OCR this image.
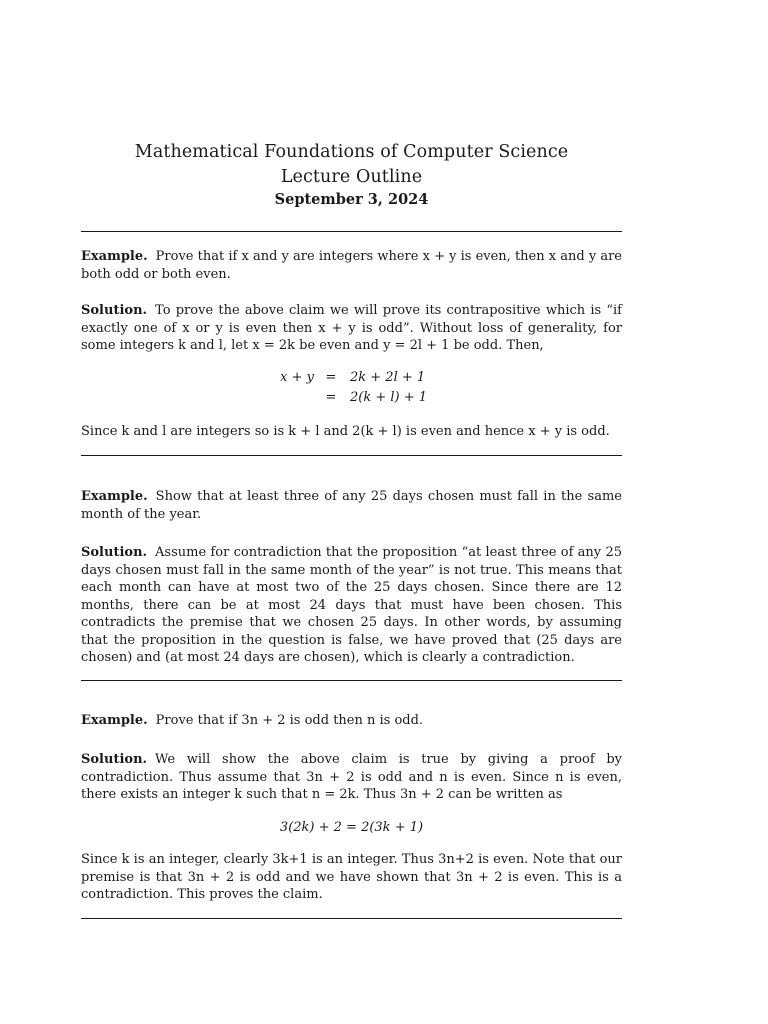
Mathematical Foundations of Computer Science
Lecture Outline
September 3, 2024

Example. Prove that if x and y are integers where x + y is even, then x and y are both odd or both even.

Solution. To prove the above claim we will prove its contrapositive which is “if exactly one of x or y is even then x + y is odd”. Without loss of generality, for some integers k and l, let x = 2k be even and y = 2l + 1 be odd. Then,

x + y = 2k + 2l + 1
= 2(k + l) + 1

Since k and l are integers so is k + l and 2(k + l) is even and hence x + y is odd.

Example. Show that at least three of any 25 days chosen must fall in the same month of the year.

Solution. Assume for contradiction that the proposition “at least three of any 25 days chosen must fall in the same month of the year” is not true. This means that each month can have at most two of the 25 days chosen. Since there are 12 months, there can be at most 24 days that must have been chosen. This contradicts the premise that we chosen 25 days. In other words, by assuming that the proposition in the question is false, we have proved that (25 days are chosen) and (at most 24 days are chosen), which is clearly a contradiction.

Example. Prove that if 3n + 2 is odd then n is odd.

Solution. We will show the above claim is true by giving a proof by contradiction. Thus assume that 3n + 2 is odd and n is even. Since n is even, there exists an integer k such that n = 2k. Thus 3n + 2 can be written as

3(2k) + 2 = 2(3k + 1)

Since k is an integer, clearly 3k+1 is an integer. Thus 3n+2 is even. Note that our premise is that 3n + 2 is odd and we have shown that 3n + 2 is even. This is a contradiction. This proves the claim.
